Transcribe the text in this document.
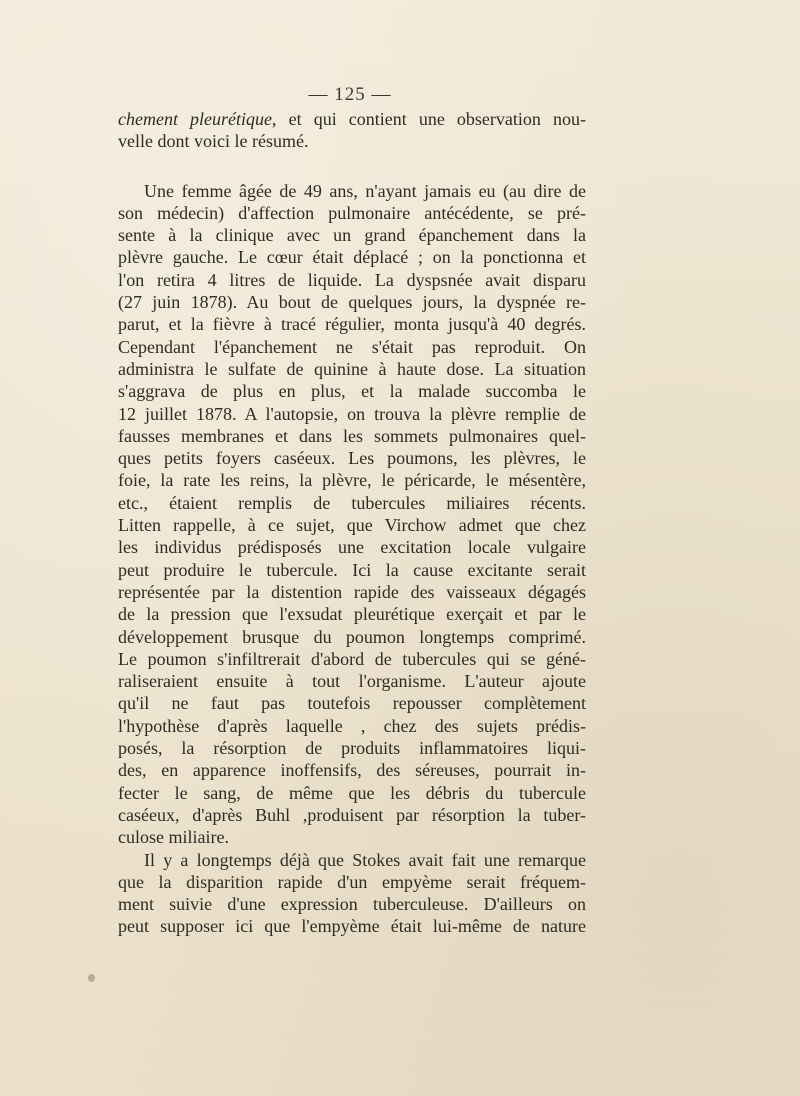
— 125 —
chement pleurétique, et qui contient une observation nou-
velle dont voici le résumé.
Une femme âgée de 49 ans, n'ayant jamais eu (au dire de
son médecin) d'affection pulmonaire antécédente, se pré-
sente à la clinique avec un grand épanchement dans la
plèvre gauche. Le cœur était déplacé ; on la ponctionna et
l'on retira 4 litres de liquide. La dyspsnée avait disparu
(27 juin 1878). Au bout de quelques jours, la dyspnée re-
parut, et la fièvre à tracé régulier, monta jusqu'à 40 degrés.
Cependant l'épanchement ne s'était pas reproduit. On
administra le sulfate de quinine à haute dose. La situation
s'aggrava de plus en plus, et la malade succomba le
12 juillet 1878. A l'autopsie, on trouva la plèvre remplie de
fausses membranes et dans les sommets pulmonaires quel-
ques petits foyers caséeux. Les poumons, les plèvres, le
foie, la rate les reins, la plèvre, le péricarde, le mésentère,
etc., étaient remplis de tubercules miliaires récents.
Litten rappelle, à ce sujet, que Virchow admet que chez
les individus prédisposés une excitation locale vulgaire
peut produire le tubercule. Ici la cause excitante serait
représentée par la distention rapide des vaisseaux dégagés
de la pression que l'exsudat pleurétique exerçait et par le
développement brusque du poumon longtemps comprimé.
Le poumon s'infiltrerait d'abord de tubercules qui se géné-
raliseraient ensuite à tout l'organisme. L'auteur ajoute
qu'il ne faut pas toutefois repousser complètement
l'hypothèse d'après laquelle , chez des sujets prédis-
posés, la résorption de produits inflammatoires liqui-
des, en apparence inoffensifs, des séreuses, pourrait in-
fecter le sang, de même que les débris du tubercule
caséeux, d'après Buhl ,produisent par résorption la tuber-
culose miliaire.
Il y a longtemps déjà que Stokes avait fait une remarque
que la disparition rapide d'un empyème serait fréquem-
ment suivie d'une expression tuberculeuse. D'ailleurs on
peut supposer ici que l'empyème était lui-même de nature
